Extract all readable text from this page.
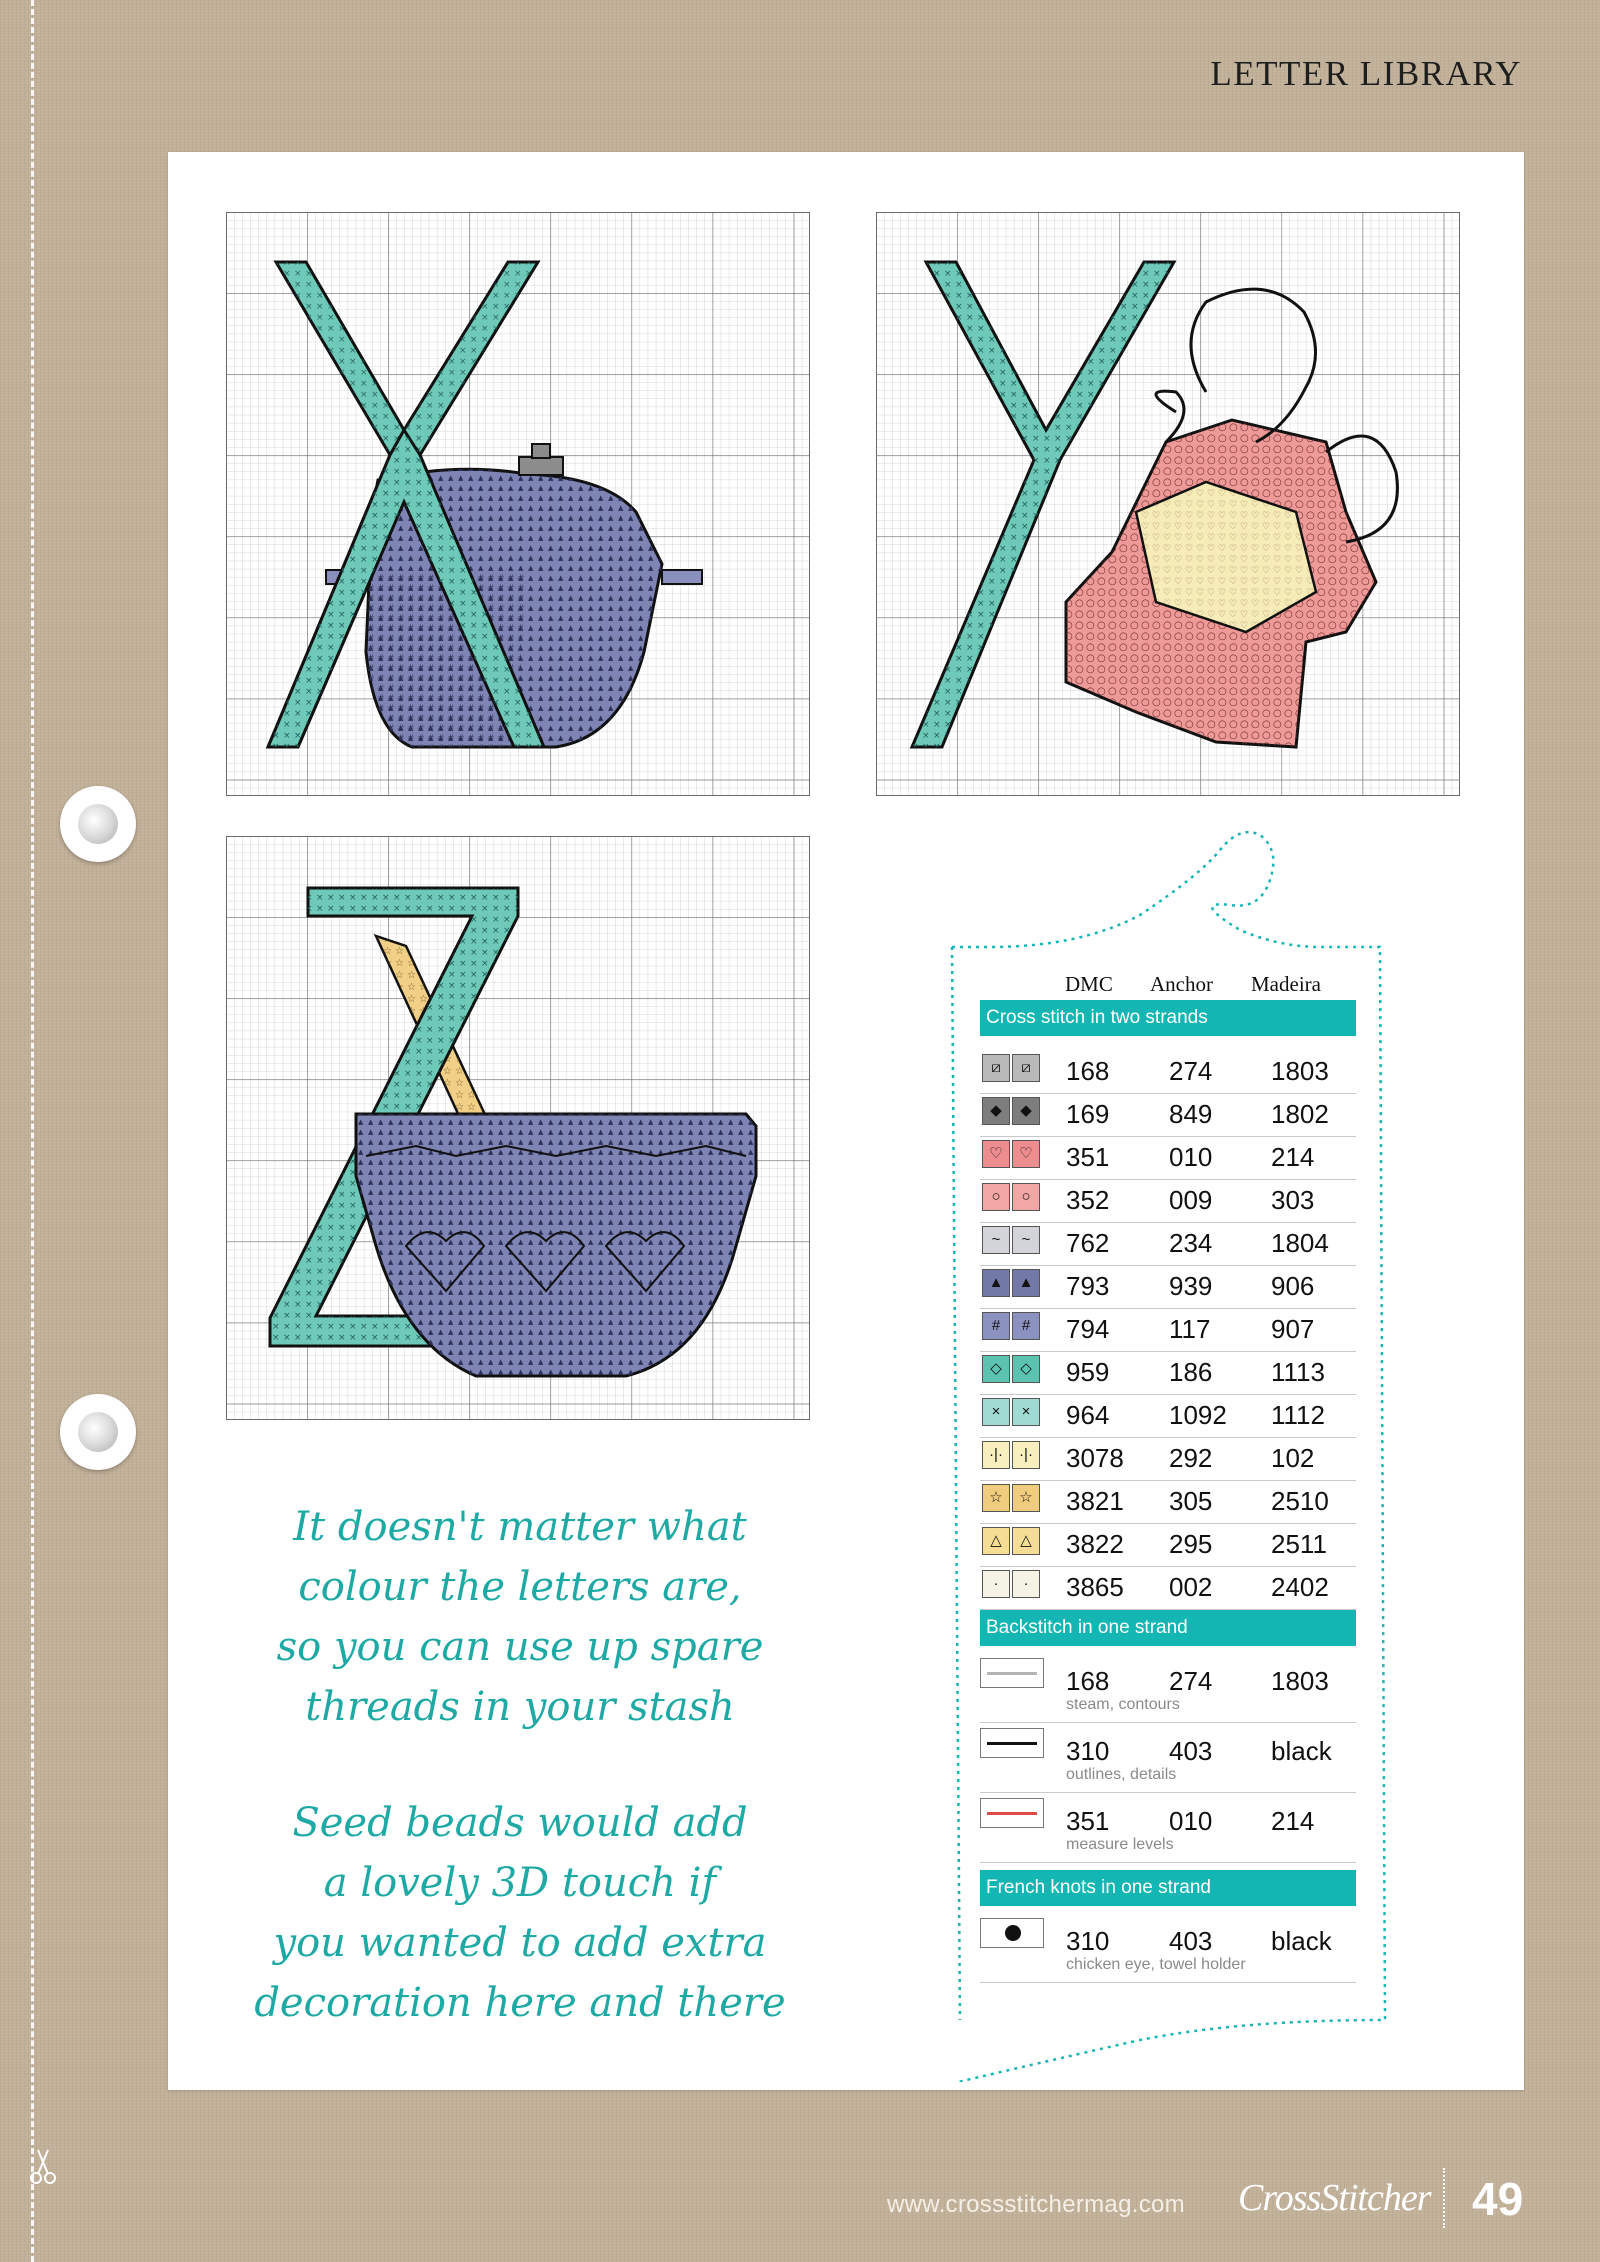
LETTER LIBRARY
It doesn't matter what
colour the letters are,
so you can use up spare
threads in your stash
Seed beads would add
a lovely 3D touch if
you wanted to add extra
decoration here and there
DMC Anchor Madeira
Cross stitch in two strands
⧄	⧄	168 274 1803
◆	◆	169 849 1802
♡	♡ 351 010 214
○	○	352 009 303
~	~	762 234 1804
▲	▲ 793 939 906
#	#	794 117 907
◇	◇	959 186 1113
×	×	964 1092 1112
·|·	·|· 3078 292 102
☆	☆ 3821 305 2510
△	△	3822 295 2511
·	·	3865 002 2402
Backstitch in one strand
168 274 1803
steam, contours
310 403 black
outlines, details
351 010 214
measure levels
French knots in one strand
310 403 black
chicken eye, towel holder
www.crossstitchermag.com CrossStitcher 49
